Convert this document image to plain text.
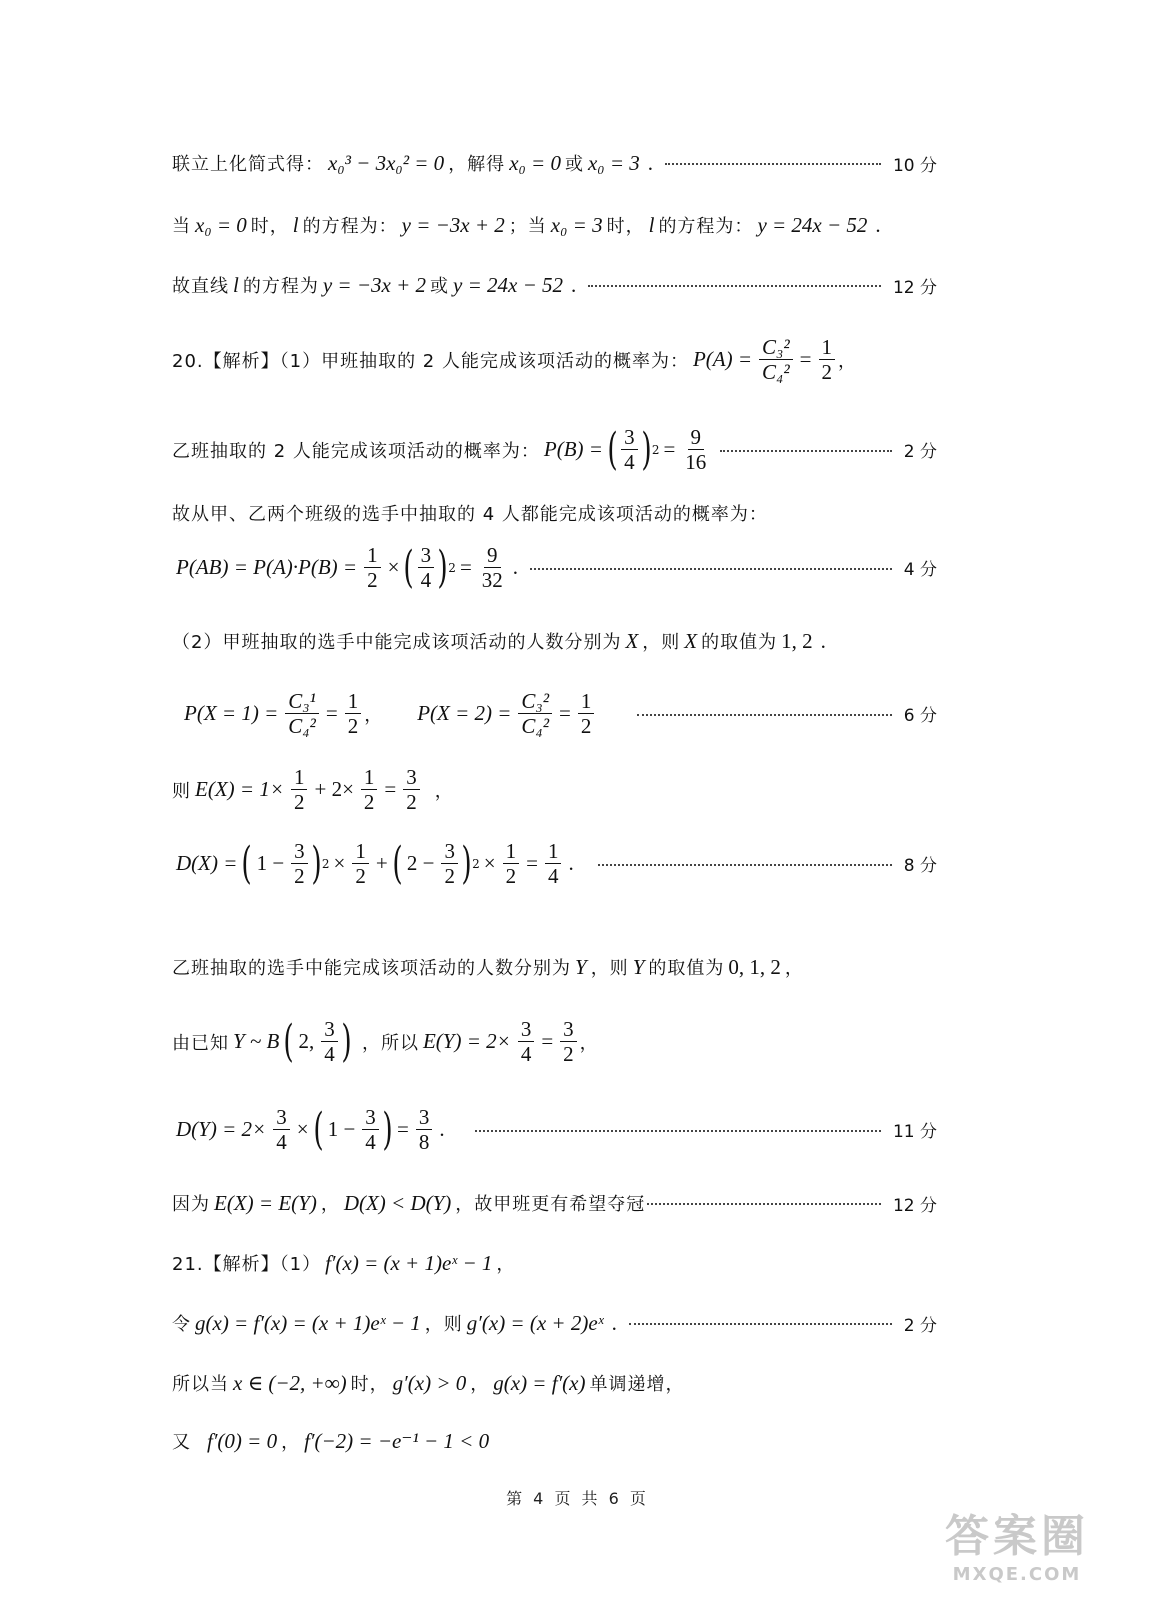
联立上化简式得： x₀³ − 3x₀² = 0 ，解得 x₀ = 0 或 x₀ = 3 .	10 分
当 x₀ = 0 时， l 的方程为： y = −3x + 2 ；当 x₀ = 3 时， l 的方程为： y = 24x − 52 .
故直线 l 的方程为 y = −3x + 2 或 y = 24x − 52 .	12 分
20.【解析】（1）甲班抽取的 2 人能完成该项活动的概率为： $P(A) = \frac{\text{C₃²}}{\text{C₄²}} = \frac{1}{2}$ ，
乙班抽取的 2 人能完成该项活动的概率为： P(B) = ( $\frac{3}{4}$ ) $2 = \frac{9}{16}$	2 分
故从甲、乙两个班级的选手中抽取的 4 人都能完成该项活动的概率为：
$P(AB) = P(A)\cdot P(B) = \frac{1}{2}$ × ( $\frac{3}{4}$ ) $2 = \frac{9}{32}$ .	4 分
（2）甲班抽取的选手中能完成该项活动的人数分别为 X ，则 X 的取值为 1, 2 .
$P(X = 1) = \frac{\text{C₃¹}}{\text{C₄²}} = \frac{1}{2}$ ， $P(X = 2) = \frac{\text{C₃²}}{\text{C₄²}} = \frac{1}{2}$	6 分
则 $E(X) = 1\times \frac{1}{2} + 2\times \frac{1}{2} = \frac{3}{2}$ ，
D(X) = ( $1 - \frac{3}{2}$ ) $2 \times \frac{1}{2}$ + ( $2 - \frac{3}{2}$ ) $2 \times \frac{1}{2} = \frac{1}{4}$ .	8 分
乙班抽取的选手中能完成该项活动的人数分别为 Y ，则 Y 的取值为 0, 1, 2 ，
由已知 Y ~ B ( 2, $\frac{3}{4}$ ) ，所以 $E(Y) = 2\times \frac{3}{4} = \frac{3}{2}$ ，
$D(Y) = 2\times \frac{3}{4}$ × ( $1 - \frac{3}{4}$ ) = $\frac{3}{8}$ .	11 分
因为 E(X) = E(Y) ， D(X) < D(Y) ，故甲班更有希望夺冠	12 分
21.【解析】（1） f′(x) = (x + 1)eˣ − 1 ，
令 g(x) = f′(x) = (x + 1)eˣ − 1 ，则 g′(x) = (x + 2)eˣ .	2 分
所以当 x ∈ (−2, +∞) 时， g′(x) > 0 ， g(x) = f′(x) 单调递增，
又 f′(0) = 0 ， f′(−2) = −e⁻¹ − 1 < 0
第 4 页 共 6 页
答案圈
MXQE.COM
